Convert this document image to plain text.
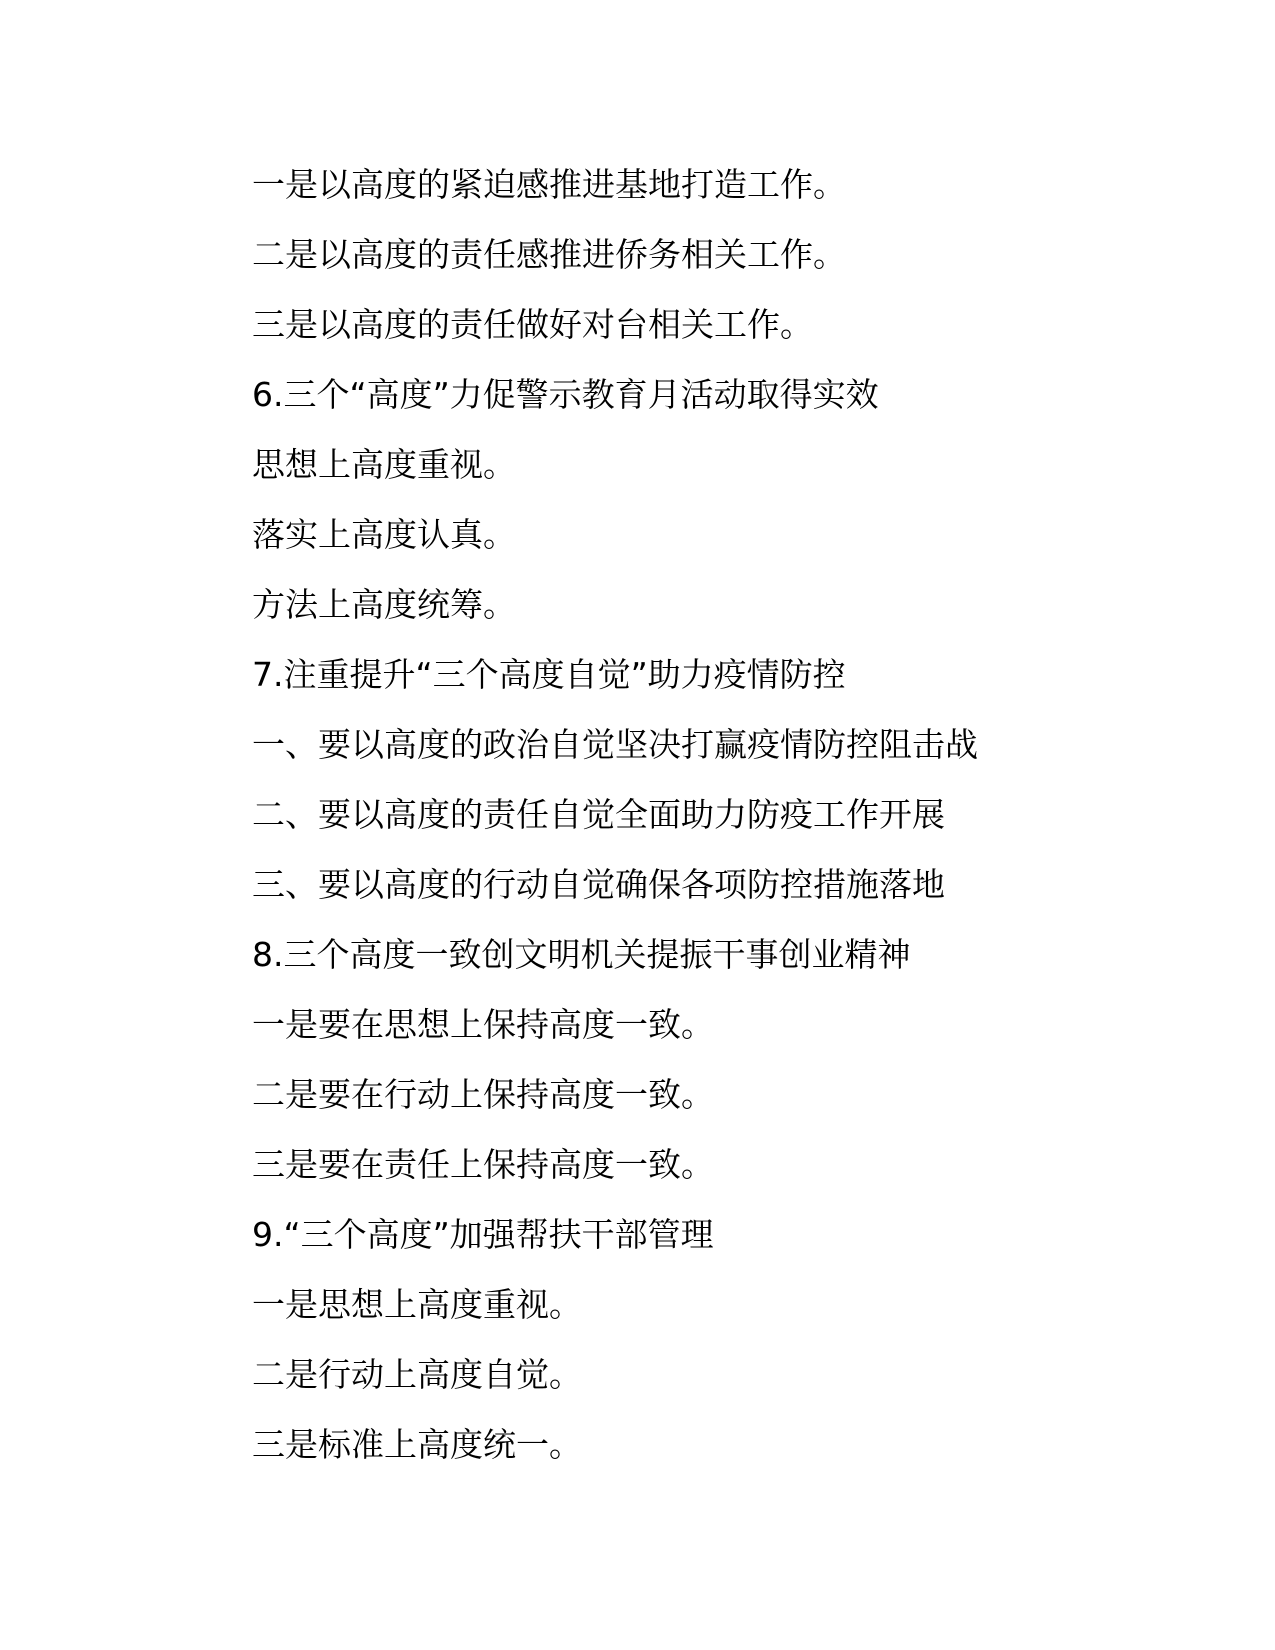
一是以高度的紧迫感推进基地打造工作。

二是以高度的责任感推进侨务相关工作。

三是以高度的责任做好对台相关工作。

6.三个“高度”力促警示教育月活动取得实效

思想上高度重视。

落实上高度认真。

方法上高度统筹。

7.注重提升“三个高度自觉”助力疫情防控

一、要以高度的政治自觉坚决打赢疫情防控阻击战

二、要以高度的责任自觉全面助力防疫工作开展

三、要以高度的行动自觉确保各项防控措施落地

8.三个高度一致创文明机关提振干事创业精神

一是要在思想上保持高度一致。

二是要在行动上保持高度一致。

三是要在责任上保持高度一致。

9.“三个高度”加强帮扶干部管理

一是思想上高度重视。

二是行动上高度自觉。

三是标准上高度统一。
